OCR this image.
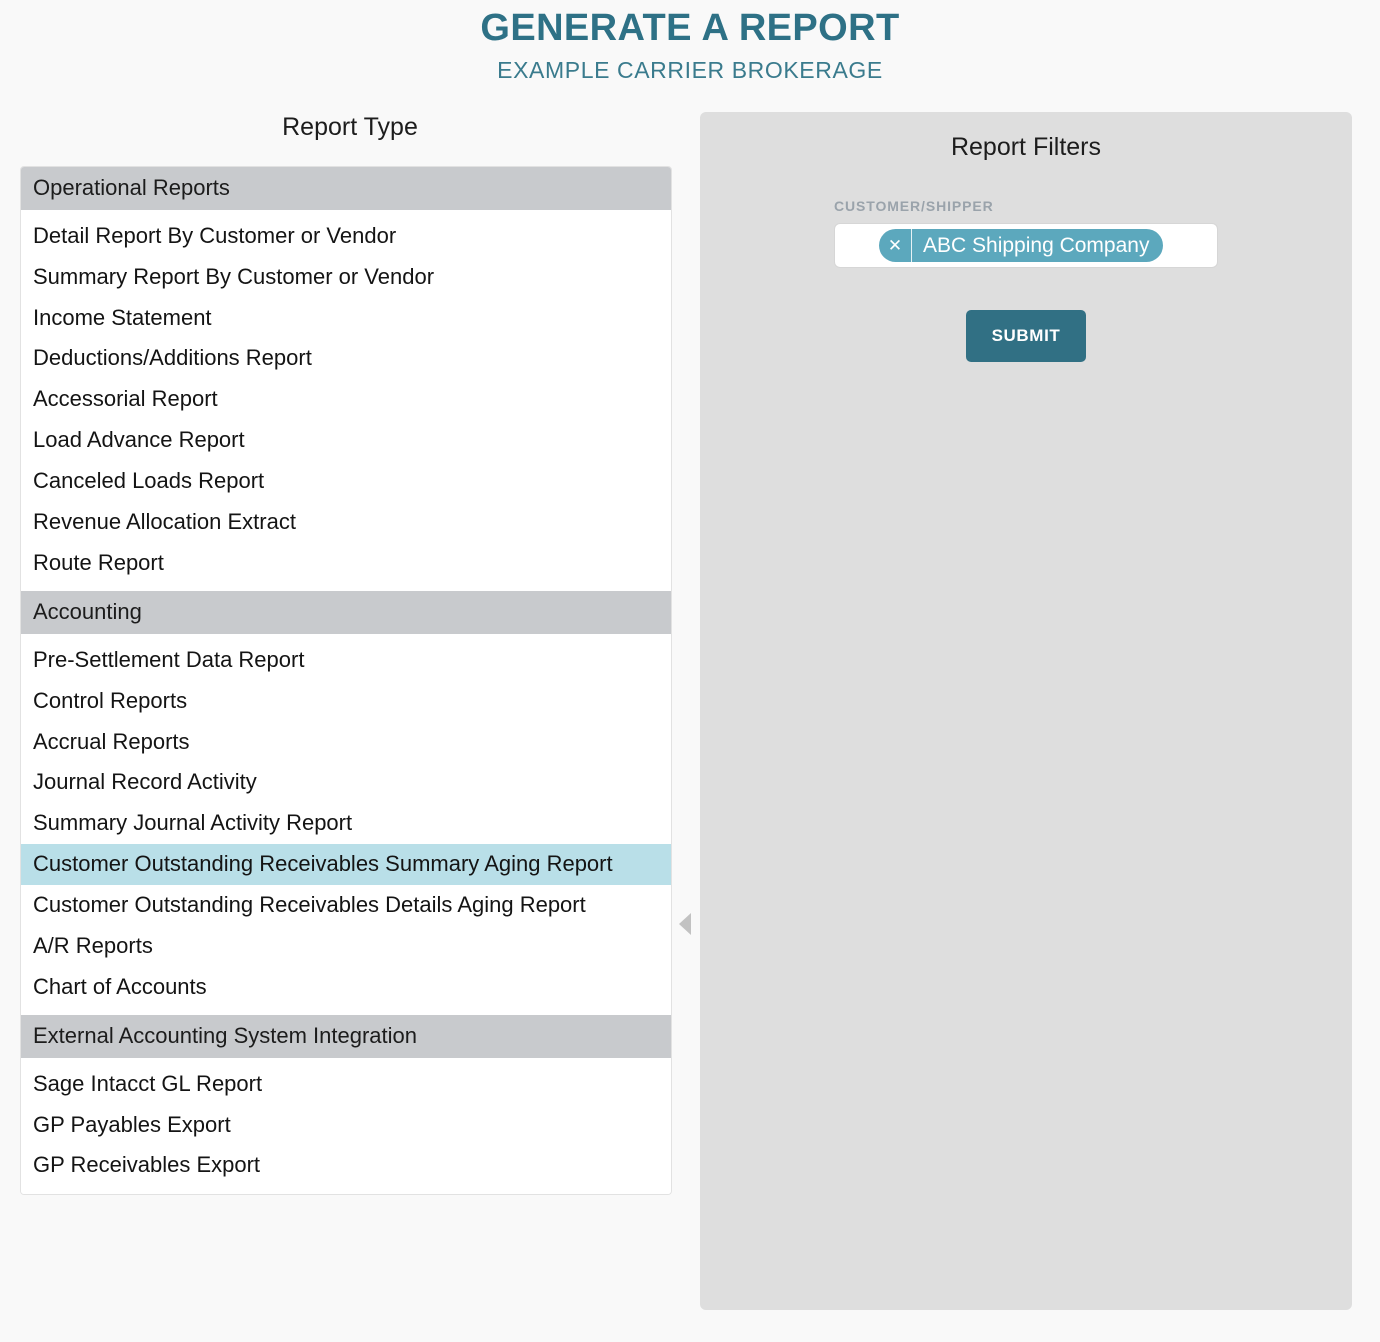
GENERATE A REPORT
EXAMPLE CARRIER BROKERAGE
Report Type
Operational Reports
Detail Report By Customer or Vendor
Summary Report By Customer or Vendor
Income Statement
Deductions/Additions Report
Accessorial Report
Load Advance Report
Canceled Loads Report
Revenue Allocation Extract
Route Report
Accounting
Pre-Settlement Data Report
Control Reports
Accrual Reports
Journal Record Activity
Summary Journal Activity Report
Customer Outstanding Receivables Summary Aging Report
Customer Outstanding Receivables Details Aging Report
A/R Reports
Chart of Accounts
External Accounting System Integration
Sage Intacct GL Report
GP Payables Export
GP Receivables Export
Report Filters
CUSTOMER/SHIPPER
✕ ABC Shipping Company
SUBMIT
